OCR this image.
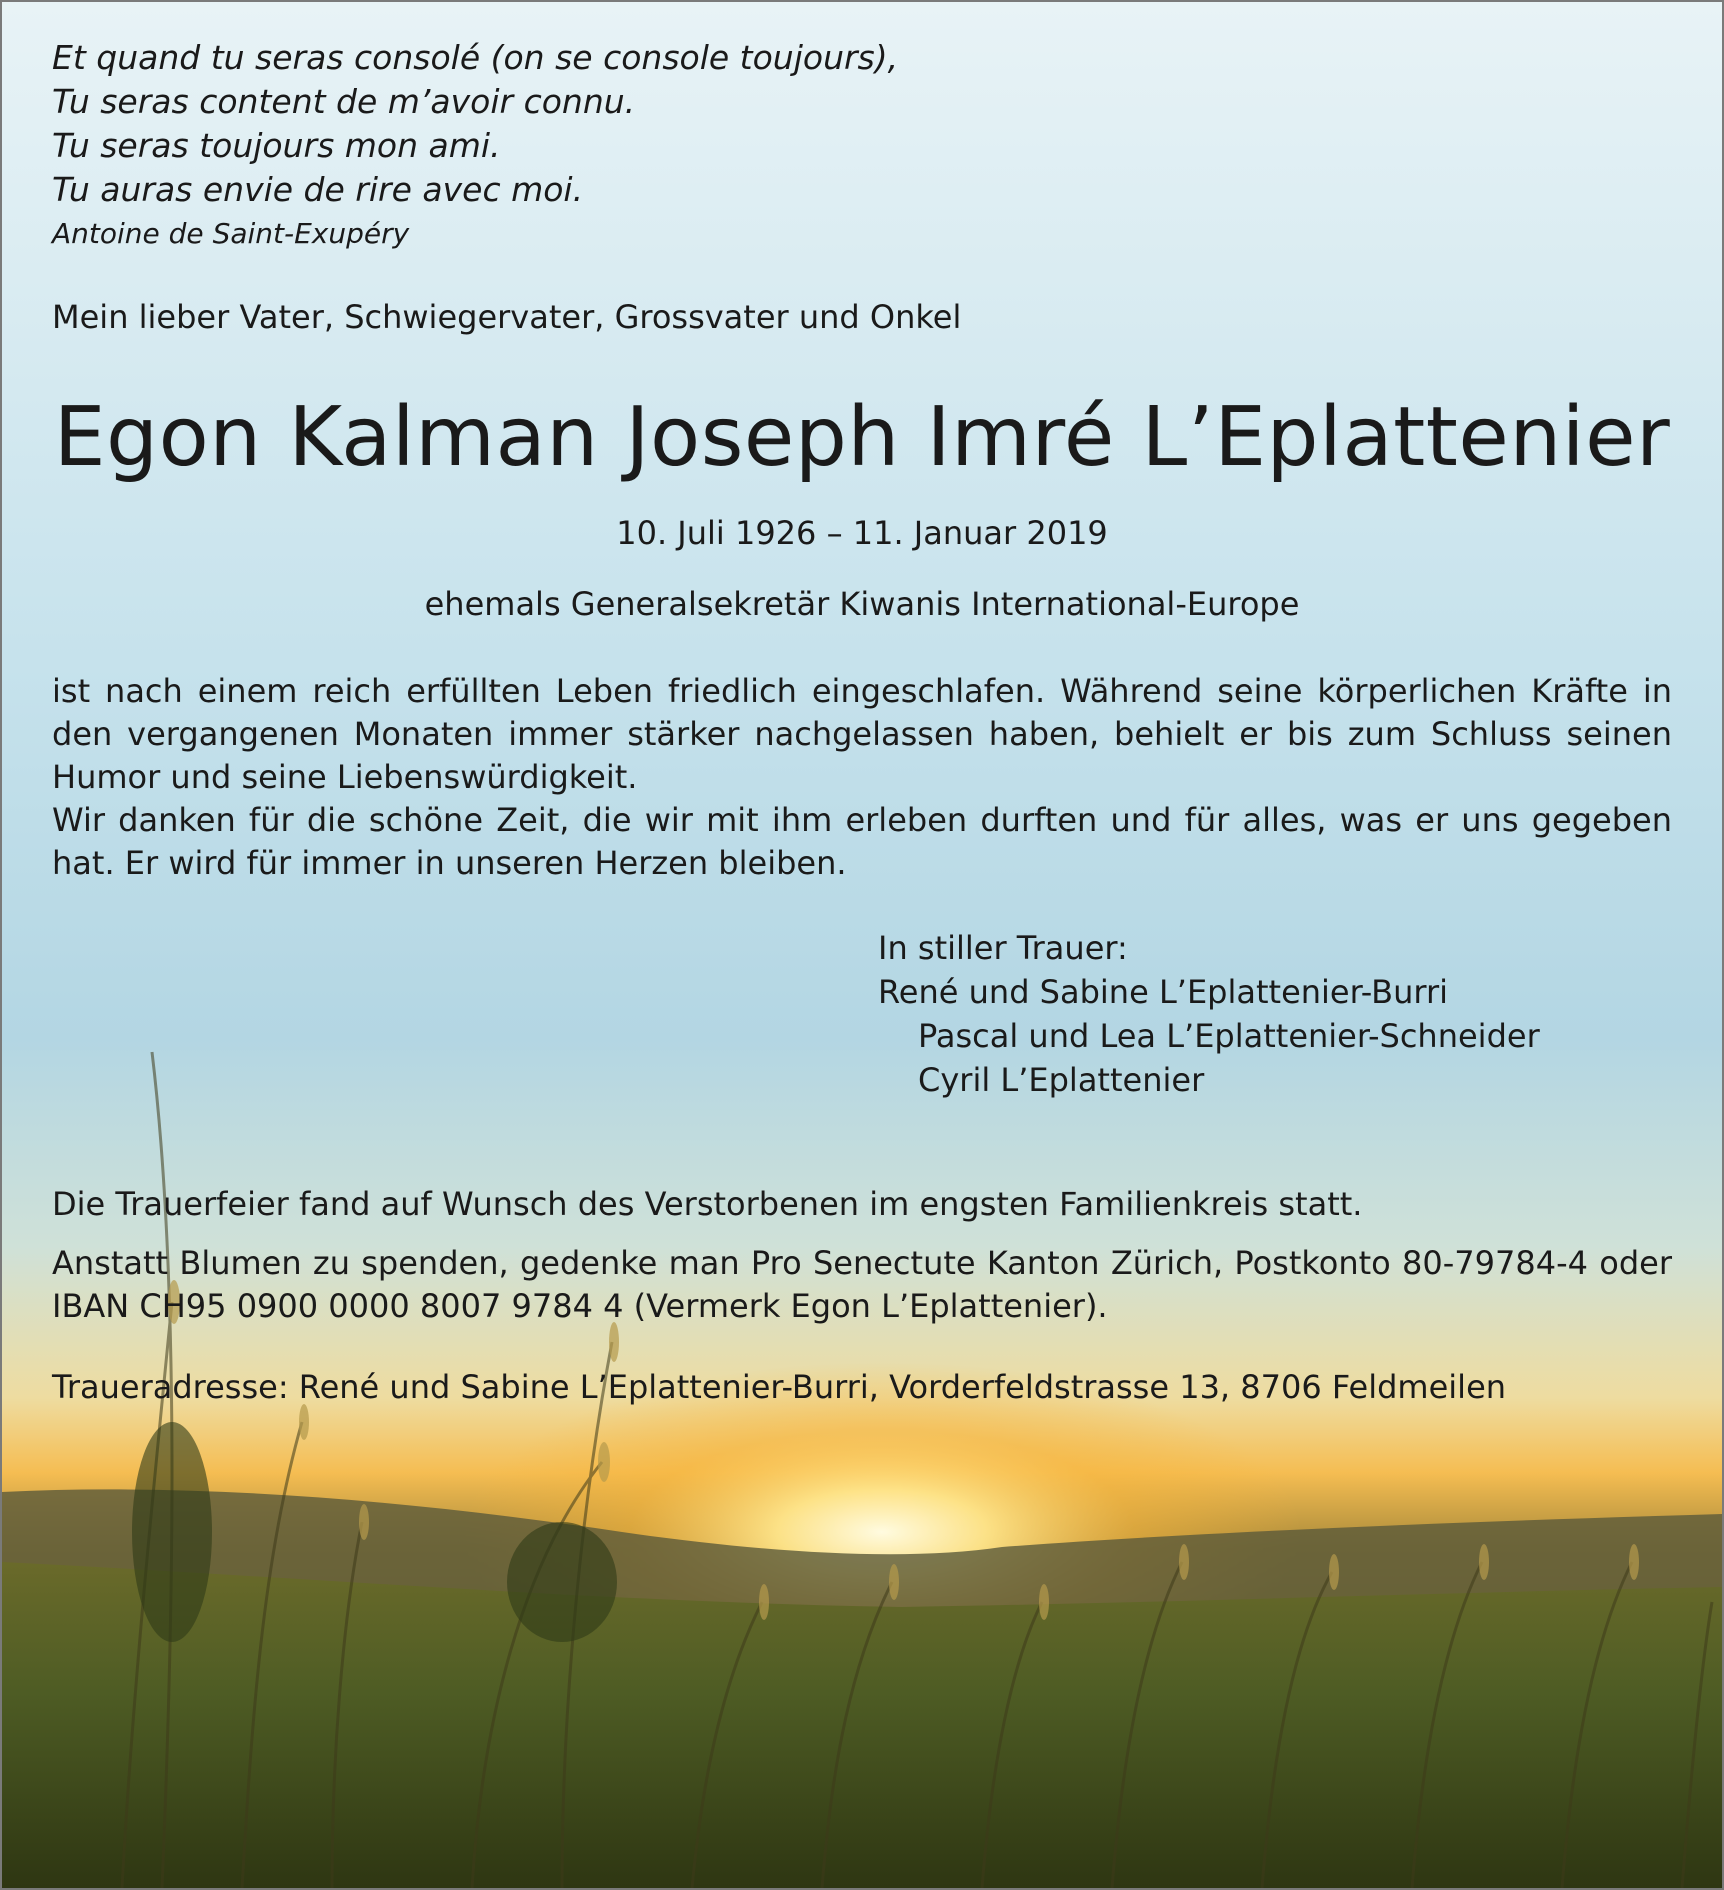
Et quand tu seras consolé (on se console toujours),
Tu seras content de m’avoir connu.
Tu seras toujours mon ami.
Tu auras envie de rire avec moi.
Antoine de Saint-Exupéry
Mein lieber Vater, Schwiegervater, Grossvater und Onkel
Egon Kalman Joseph Imré L’Eplattenier
10. Juli 1926 – 11. Januar 2019
ehemals Generalsekretär Kiwanis International-Europe

ist nach einem reich erfüllten Leben friedlich eingeschlafen. Während seine körperlichen Kräfte in den vergangenen Monaten immer stärker nachgelassen haben, behielt er bis zum Schluss seinen Humor und seine Liebenswürdigkeit.

Wir danken für die schöne Zeit, die wir mit ihm erleben durften und für alles, was er uns gegeben hat. Er wird für immer in unseren Herzen bleiben.

In stiller Trauer:
René und Sabine L’Eplattenier-Burri
Pascal und Lea L’Eplattenier-Schneider
Cyril L’Eplattenier
Die Trauerfeier fand auf Wunsch des Verstorbenen im engsten Familienkreis statt.

Anstatt Blumen zu spenden, gedenke man Pro Senectute Kanton Zürich, Postkonto 80-79784-4 oder IBAN CH95 0900 0000 8007 9784 4 (Vermerk Egon L’Eplattenier).

Traueradresse: René und Sabine L’Eplattenier-Burri, Vorderfeldstrasse 13, 8706 Feldmeilen
